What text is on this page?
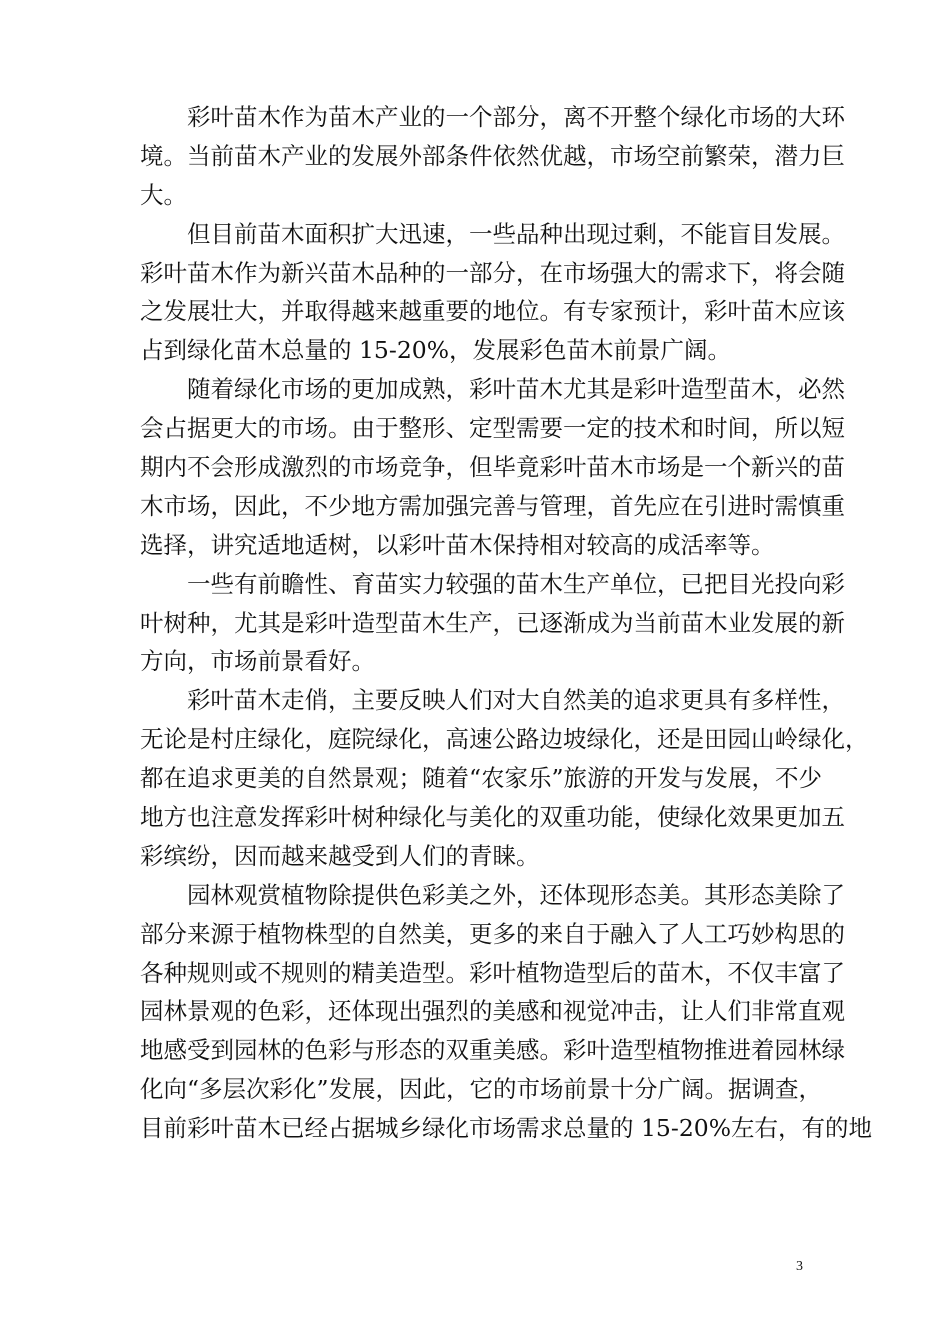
彩叶苗木作为苗木产业的一个部分，离不开整个绿化市场的大环
境。当前苗木产业的发展外部条件依然优越，市场空前繁荣，潜力巨
大。
但目前苗木面积扩大迅速，一些品种出现过剩，不能盲目发展。
彩叶苗木作为新兴苗木品种的一部分，在市场强大的需求下，将会随
之发展壮大，并取得越来越重要的地位。有专家预计，彩叶苗木应该
占到绿化苗木总量的 15-20%，发展彩色苗木前景广阔。
随着绿化市场的更加成熟，彩叶苗木尤其是彩叶造型苗木，必然
会占据更大的市场。由于整形、定型需要一定的技术和时间，所以短
期内不会形成激烈的市场竞争，但毕竟彩叶苗木市场是一个新兴的苗
木市场，因此，不少地方需加强完善与管理，首先应在引进时需慎重
选择，讲究适地适树，以彩叶苗木保持相对较高的成活率等。
一些有前瞻性、育苗实力较强的苗木生产单位，已把目光投向彩
叶树种，尤其是彩叶造型苗木生产，已逐渐成为当前苗木业发展的新
方向，市场前景看好。
彩叶苗木走俏，主要反映人们对大自然美的追求更具有多样性，
无论是村庄绿化，庭院绿化，高速公路边坡绿化，还是田园山岭绿化，
都在追求更美的自然景观；随着“农家乐”旅游的开发与发展，不少
地方也注意发挥彩叶树种绿化与美化的双重功能，使绿化效果更加五
彩缤纷，因而越来越受到人们的青睐。
园林观赏植物除提供色彩美之外，还体现形态美。其形态美除了
部分来源于植物株型的自然美，更多的来自于融入了人工巧妙构思的
各种规则或不规则的精美造型。彩叶植物造型后的苗木，不仅丰富了
园林景观的色彩，还体现出强烈的美感和视觉冲击，让人们非常直观
地感受到园林的色彩与形态的双重美感。彩叶造型植物推进着园林绿
化向“多层次彩化”发展，因此，它的市场前景十分广阔。据调查，
目前彩叶苗木已经占据城乡绿化市场需求总量的 15-20%左右，有的地
3
